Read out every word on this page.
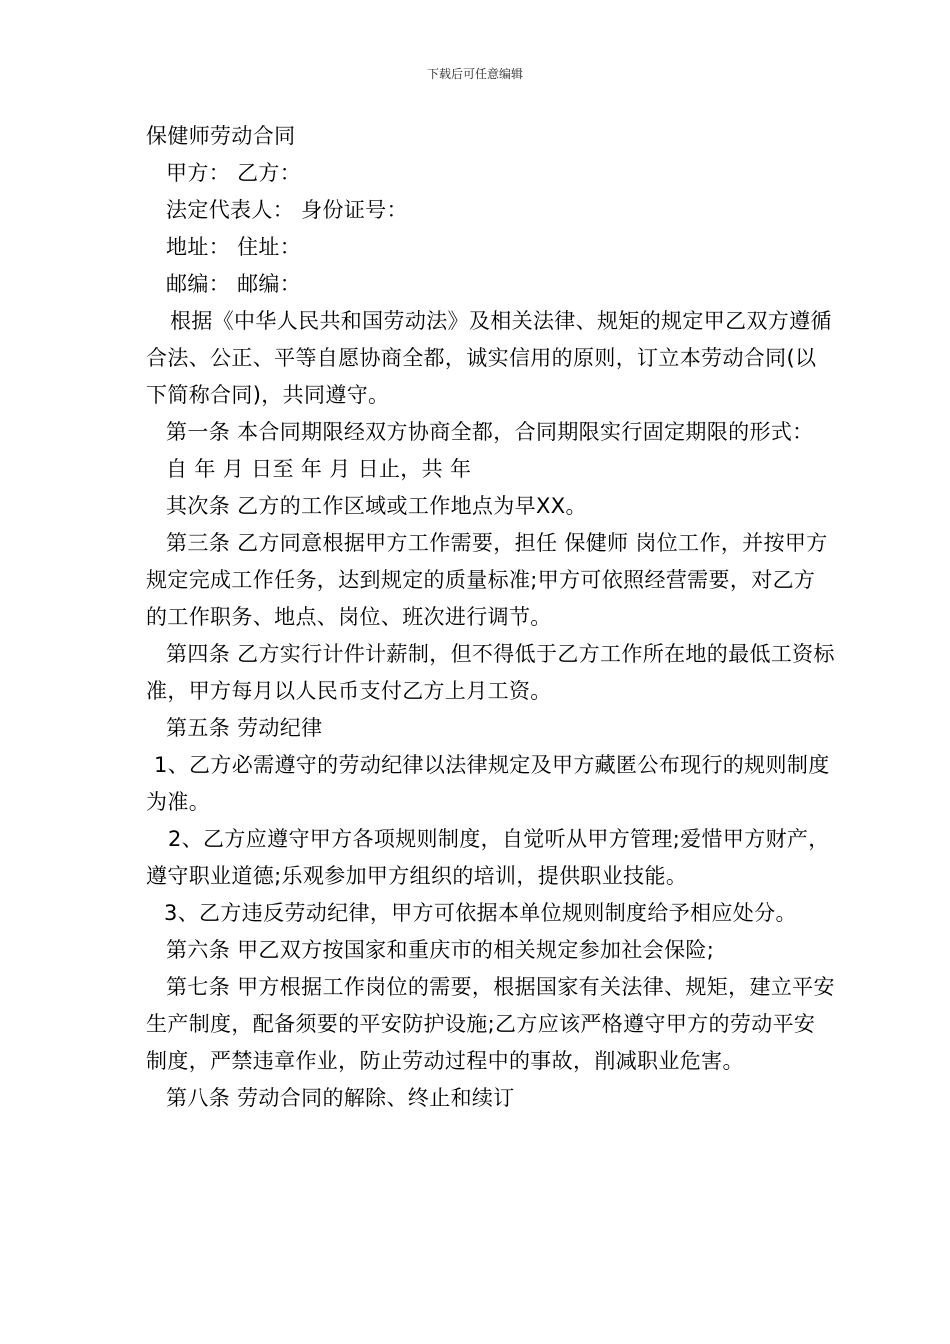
下载后可任意编辑

保健师劳动合同

甲方： 乙方：

法定代表人： 身份证号：

地址： 住址：

邮编： 邮编：

根据《中华人民共和国劳动法》及相关法律、规矩的规定甲乙双方遵循合法、公正、平等自愿协商全都，诚实信用的原则，订立本劳动合同(以下简称合同)，共同遵守。

第一条 本合同期限经双方协商全都，合同期限实行固定期限的形式：

自 年 月 日至 年 月 日止，共 年

其次条 乙方的工作区域或工作地点为早XX。

第三条 乙方同意根据甲方工作需要，担任 保健师 岗位工作，并按甲方规定完成工作任务，达到规定的质量标准;甲方可依照经营需要，对乙方的工作职务、地点、岗位、班次进行调节。

第四条 乙方实行计件计薪制，但不得低于乙方工作所在地的最低工资标准，甲方每月以人民币支付乙方上月工资。

第五条 劳动纪律

1、乙方必需遵守的劳动纪律以法律规定及甲方藏匿公布现行的规则制度为准。

2、乙方应遵守甲方各项规则制度，自觉听从甲方管理;爱惜甲方财产，遵守职业道德;乐观参加甲方组织的培训，提供职业技能。

3、乙方违反劳动纪律，甲方可依据本单位规则制度给予相应处分。

第六条 甲乙双方按国家和重庆市的相关规定参加社会保险;

第七条 甲方根据工作岗位的需要，根据国家有关法律、规矩，建立平安生产制度，配备须要的平安防护设施;乙方应该严格遵守甲方的劳动平安制度，严禁违章作业，防止劳动过程中的事故，削减职业危害。

第八条 劳动合同的解除、终止和续订
